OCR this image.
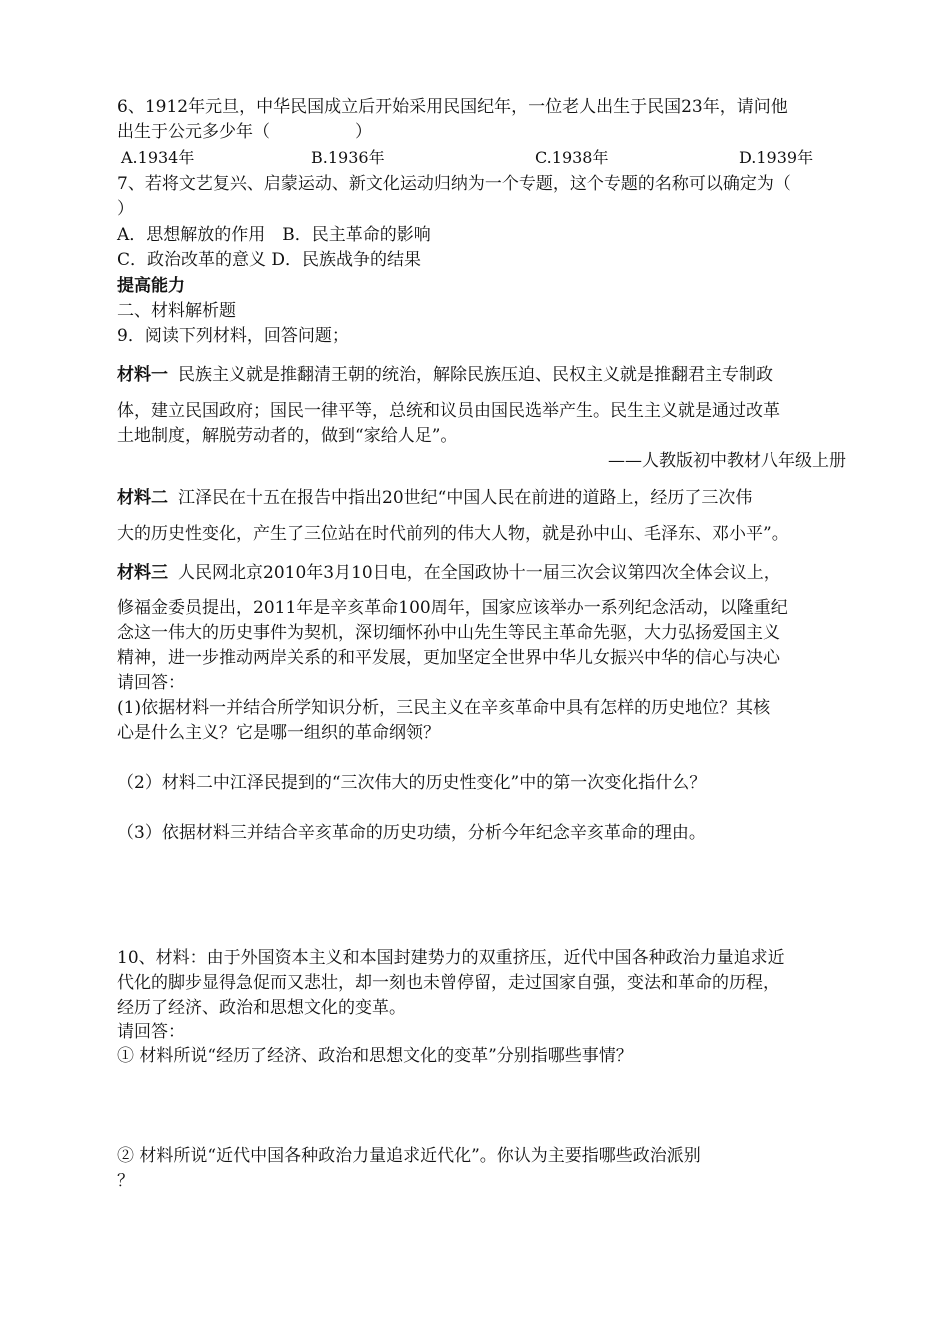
6、1912年元旦，中华民国成立后开始采用民国纪年，一位老人出生于民国23年，请问他
出生于公元多少年（　　　　　）
A.1934年	B.1936年	C.1938年	D.1939年
7、若将文艺复兴、启蒙运动、新文化运动归纳为一个专题，这个专题的名称可以确定为（
）
A．思想解放的作用　B．民主革命的影响
C．政治改革的意义 D．民族战争的结果
提高能力
二、材料解析题
9．阅读下列材料，回答问题；
材料一 民族主义就是推翻清王朝的统治，解除民族压迫、民权主义就是推翻君主专制政
体，建立民国政府；国民一律平等，总统和议员由国民选举产生。民生主义就是通过改革
土地制度，解脱劳动者的，做到“家给人足”。
——人教版初中教材八年级上册
材料二 江泽民在十五在报告中指出20世纪“中国人民在前进的道路上，经历了三次伟
大的历史性变化，产生了三位站在时代前列的伟大人物，就是孙中山、毛泽东、邓小平”。
材料三 人民网北京2010年3月10日电，在全国政协十一届三次会议第四次全体会议上，
修福金委员提出，2011年是辛亥革命100周年，国家应该举办一系列纪念活动，以隆重纪
念这一伟大的历史事件为契机，深切缅怀孙中山先生等民主革命先驱，大力弘扬爱国主义
精神，进一步推动两岸关系的和平发展，更加坚定全世界中华儿女振兴中华的信心与决心
请回答：
(1)依据材料一并结合所学知识分析，三民主义在辛亥革命中具有怎样的历史地位？其核
心是什么主义？它是哪一组织的革命纲领？
（2）材料二中江泽民提到的“三次伟大的历史性变化”中的第一次变化指什么？
（3）依据材料三并结合辛亥革命的历史功绩，分析今年纪念辛亥革命的理由。
10、材料：由于外国资本主义和本国封建势力的双重挤压，近代中国各种政治力量追求近
代化的脚步显得急促而又悲壮，却一刻也未曾停留，走过国家自强，变法和革命的历程，
经历了经济、政治和思想文化的变革。
请回答：
① 材料所说“经历了经济、政治和思想文化的变革”分别指哪些事情？
② 材料所说“近代中国各种政治力量追求近代化”。你认为主要指哪些政治派别
？
